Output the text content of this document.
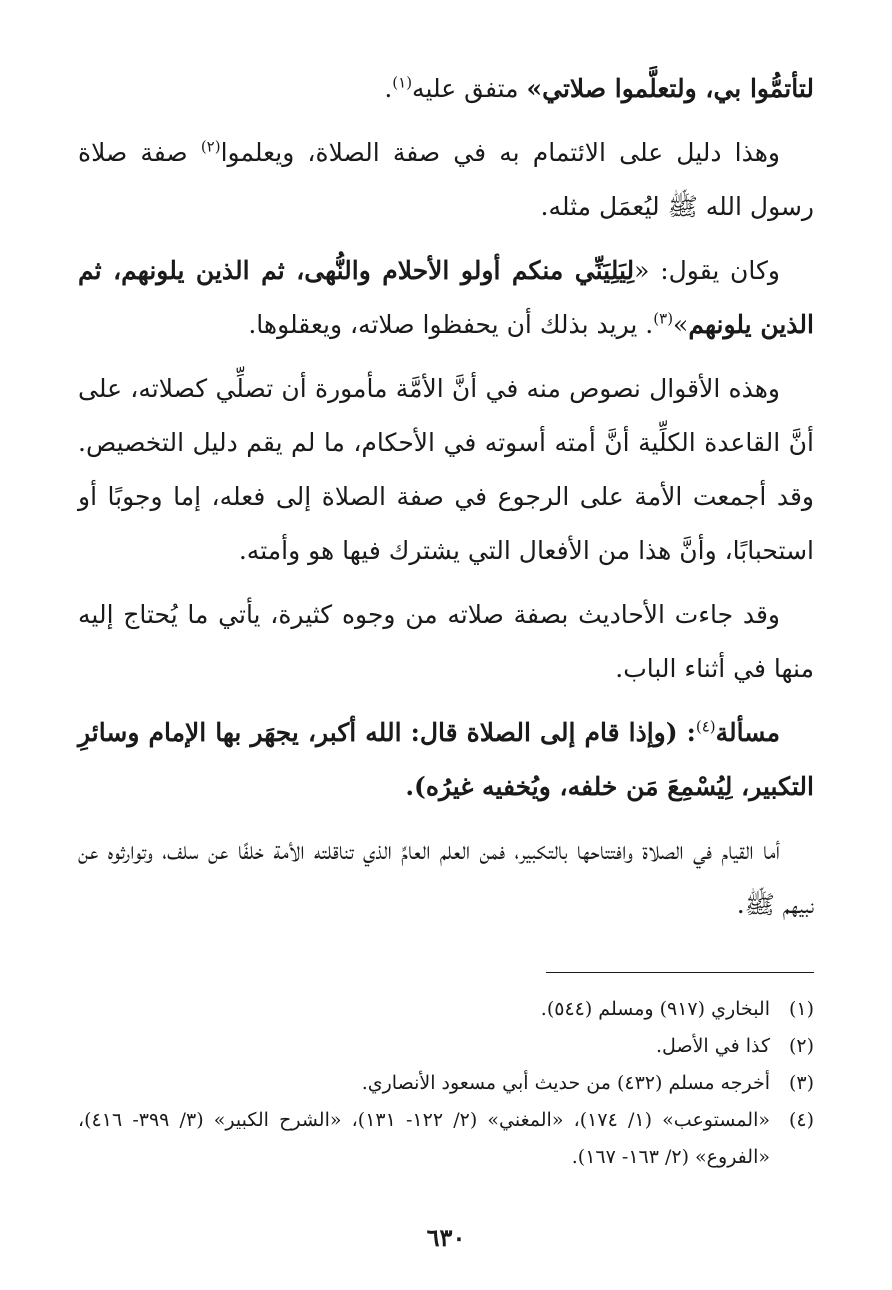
لتأتمُّوا بي، ولتعلَّموا صلاتي» متفق عليه$^{(١)}$.

وهذا دليل على الائتمام به في صفة الصلاة، ويعلموا$^{(٢)}$ صفة صلاة رسول الله ﷺ ليُعمَل مثله.

وكان يقول: «لِيَلِيَنِّي منكم أولو الأحلام والنُّهى، ثم الذين يلونهم، ثم الذين يلونهم»$^{(٣)}$. يريد بذلك أن يحفظوا صلاته، ويعقلوها.

وهذه الأقوال نصوص منه في أنَّ الأمَّة مأمورة أن تصلِّي كصلاته، على أنَّ القاعدة الكلِّية أنَّ أمته أسوته في الأحكام، ما لم يقم دليل التخصيص. وقد أجمعت الأمة على الرجوع في صفة الصلاة إلى فعله، إما وجوبًا أو استحبابًا، وأنَّ هذا من الأفعال التي يشترك فيها هو وأمته.

وقد جاءت الأحاديث بصفة صلاته من وجوه كثيرة، يأتي ما يُحتاج إليه منها في أثناء الباب.

مسألة$^{(٤)}$: (وإذا قام إلى الصلاة قال: الله أكبر، يجهَر بها الإمام وسائرِ التكبير، لِيُسْمِعَ مَن خلفه، ويُخفيه غيرُه).

أما القيام في الصلاة وافتتاحها بالتكبير، فمن العلم العامِّ الذي تناقلته الأمة خلفًا عن سلف، وتوارثوه عن نبيهم ﷺ.

(١)
البخاري (٩١٧) ومسلم (٥٤٤).

(٢)
كذا في الأصل.

(٣)
أخرجه مسلم (٤٣٢) من حديث أبي مسعود الأنصاري.

(٤)
«المستوعب» (١/ ١٧٤)، «المغني» (٢/ ١٢٢- ١٣١)، «الشرح الكبير» (٣/ ٣٩٩- ٤١٦)، «الفروع» (٢/ ١٦٣- ١٦٧).

٦٣٠
